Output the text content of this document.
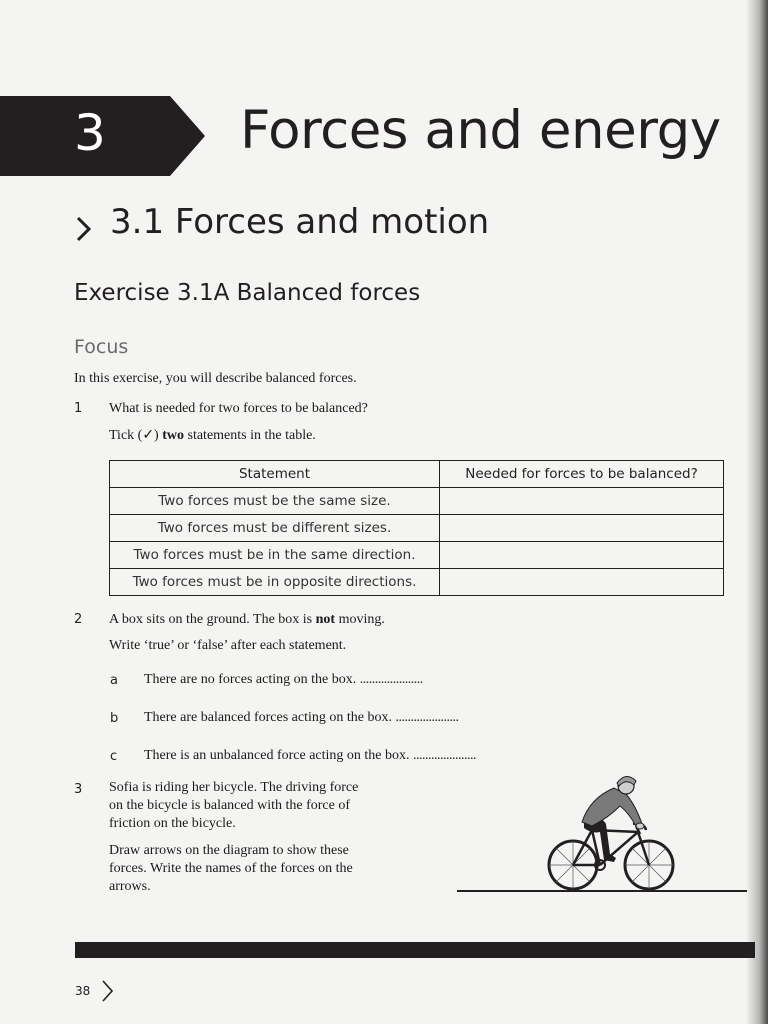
3	Forces and energy
3.1 Forces and motion
Exercise 3.1A Balanced forces
Focus
In this exercise, you will describe balanced forces.
1 What is needed for two forces to be balanced?
Tick (✓) two statements in the table.
Statement	Needed for forces to be balanced?
Two forces must be the same size.	
Two forces must be different sizes.	
Two forces must be in the same direction.	
Two forces must be in opposite directions.	
2 A box sits on the ground. The box is not moving.
Write ‘true’ or ‘false’ after each statement.
a There are no forces acting on the box. .....................
b There are balanced forces acting on the box. .....................
c There is an unbalanced force acting on the box. .....................
3 Sofia is riding her bicycle. The driving force
on the bicycle is balanced with the force of
friction on the bicycle.
Draw arrows on the diagram to show these
forces. Write the names of the forces on the
arrows.
38
